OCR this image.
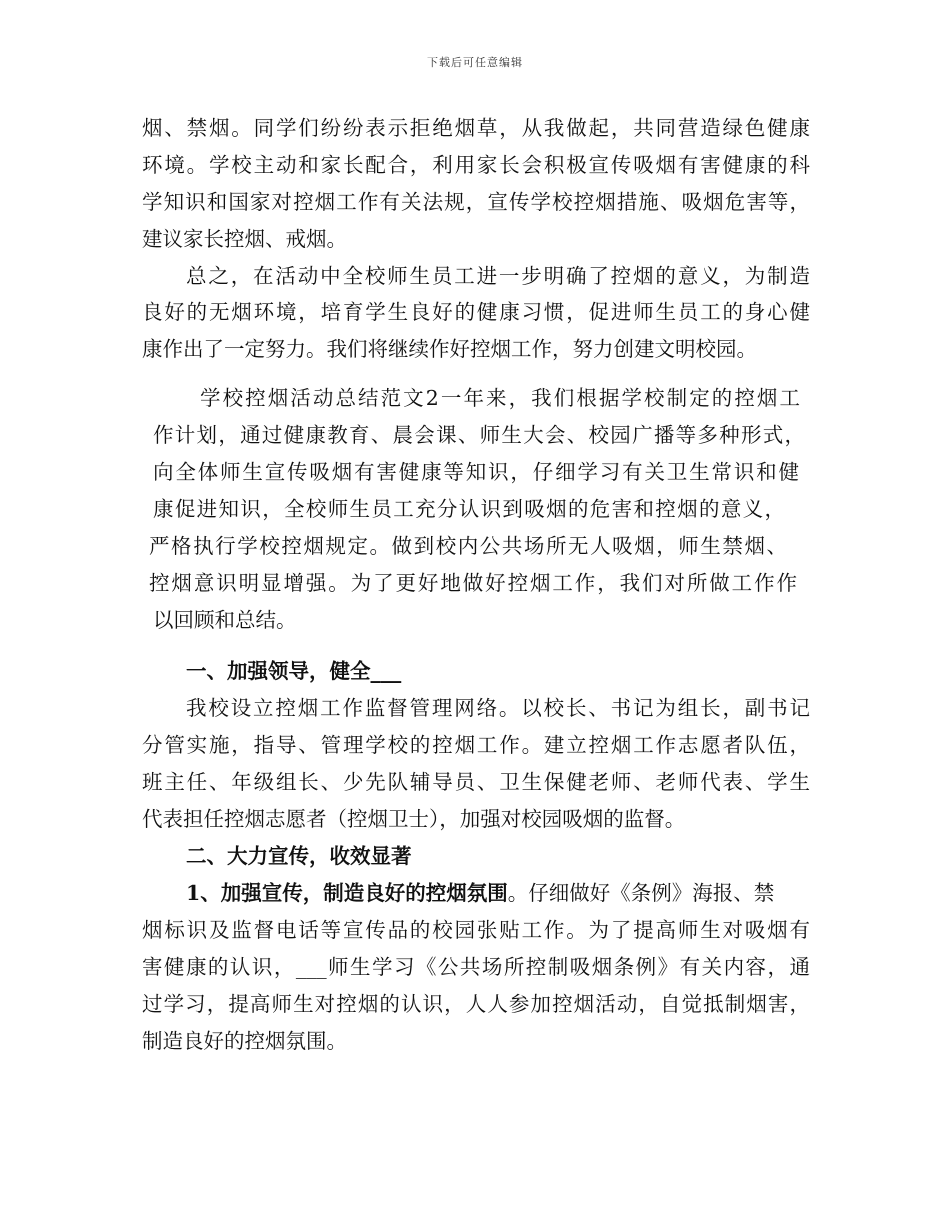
下载后可任意编辑
烟、禁烟。同学们纷纷表示拒绝烟草，从我做起，共同营造绿色健康
环境。学校主动和家长配合，利用家长会积极宣传吸烟有害健康的科
学知识和国家对控烟工作有关法规，宣传学校控烟措施、吸烟危害等，
建议家长控烟、戒烟。
总之，在活动中全校师生员工进一步明确了控烟的意义，为制造
良好的无烟环境，培育学生良好的健康习惯，促进师生员工的身心健
康作出了一定努力。我们将继续作好控烟工作，努力创建文明校园。
学校控烟活动总结范文2一年来，我们根据学校制定的控烟工
作计划，通过健康教育、晨会课、师生大会、校园广播等多种形式，
向全体师生宣传吸烟有害健康等知识，仔细学习有关卫生常识和健
康促进知识，全校师生员工充分认识到吸烟的危害和控烟的意义，
严格执行学校控烟规定。做到校内公共场所无人吸烟，师生禁烟、
控烟意识明显增强。为了更好地做好控烟工作，我们对所做工作作
以回顾和总结。
一、加强领导，健全___
我校设立控烟工作监督管理网络。以校长、书记为组长，副书记
分管实施，指导、管理学校的控烟工作。建立控烟工作志愿者队伍，
班主任、年级组长、少先队辅导员、卫生保健老师、老师代表、学生
代表担任控烟志愿者（控烟卫士），加强对校园吸烟的监督。
二、大力宣传，收效显著
1、加强宣传，制造良好的控烟氛围。仔细做好《条例》海报、禁
烟标识及监督电话等宣传品的校园张贴工作。为了提高师生对吸烟有
害健康的认识，___师生学习《公共场所控制吸烟条例》有关内容，通
过学习，提高师生对控烟的认识，人人参加控烟活动，自觉抵制烟害，
制造良好的控烟氛围。
